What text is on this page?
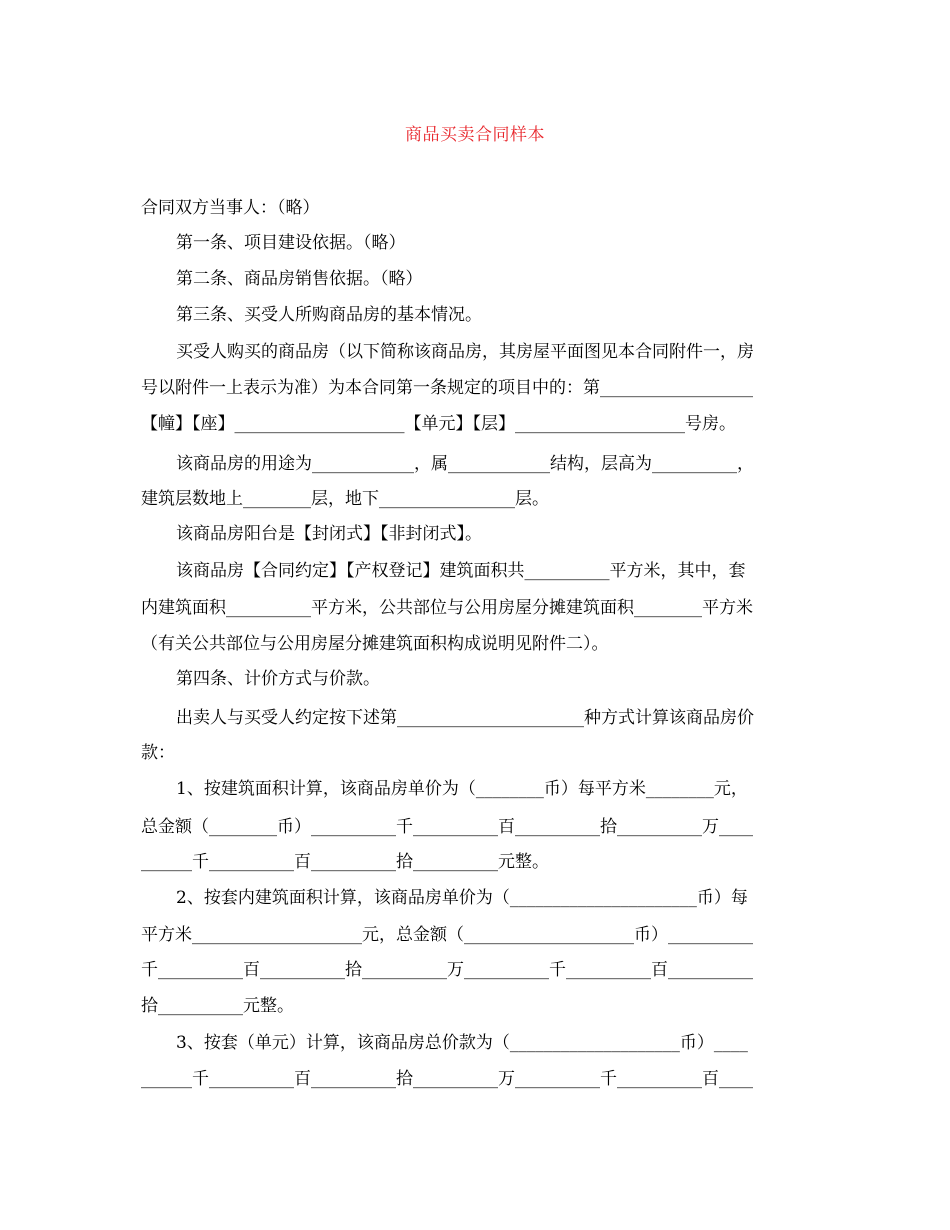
商品买卖合同样本
合同双方当事人：（略）
第一条、项目建设依据。（略）
第二条、商品房销售依据。（略）
第三条、买受人所购商品房的基本情况。
买受人购买的商品房（以下简称该商品房，其房屋平面图见本合同附件一，房
号以附件一上表示为准）为本合同第一条规定的项目中的：第__________________
【幢】【座】____________________【单元】【层】____________________号房。
该商品房的用途为____________，属____________结构，层高为__________，
建筑层数地上________层，地下________________层。
该商品房阳台是【封闭式】【非封闭式】。
该商品房【合同约定】【产权登记】建筑面积共__________平方米，其中，套
内建筑面积__________平方米，公共部位与公用房屋分摊建筑面积________平方米
（有关公共部位与公用房屋分摊建筑面积构成说明见附件二）。
第四条、计价方式与价款。
出卖人与买受人约定按下述第______________________种方式计算该商品房价
款：
1、按建筑面积计算，该商品房单价为（________币）每平方米________元，
总金额（________币）__________千__________百__________拾__________万____
______千__________百__________拾__________元整。
2、按套内建筑面积计算，该商品房单价为（______________________币）每
平方米____________________元，总金额（____________________币）__________
千__________百__________拾__________万__________千__________百__________
拾__________元整。
3、按套（单元）计算，该商品房总价款为（____________________币）____
______千__________百__________拾__________万__________千__________百____
